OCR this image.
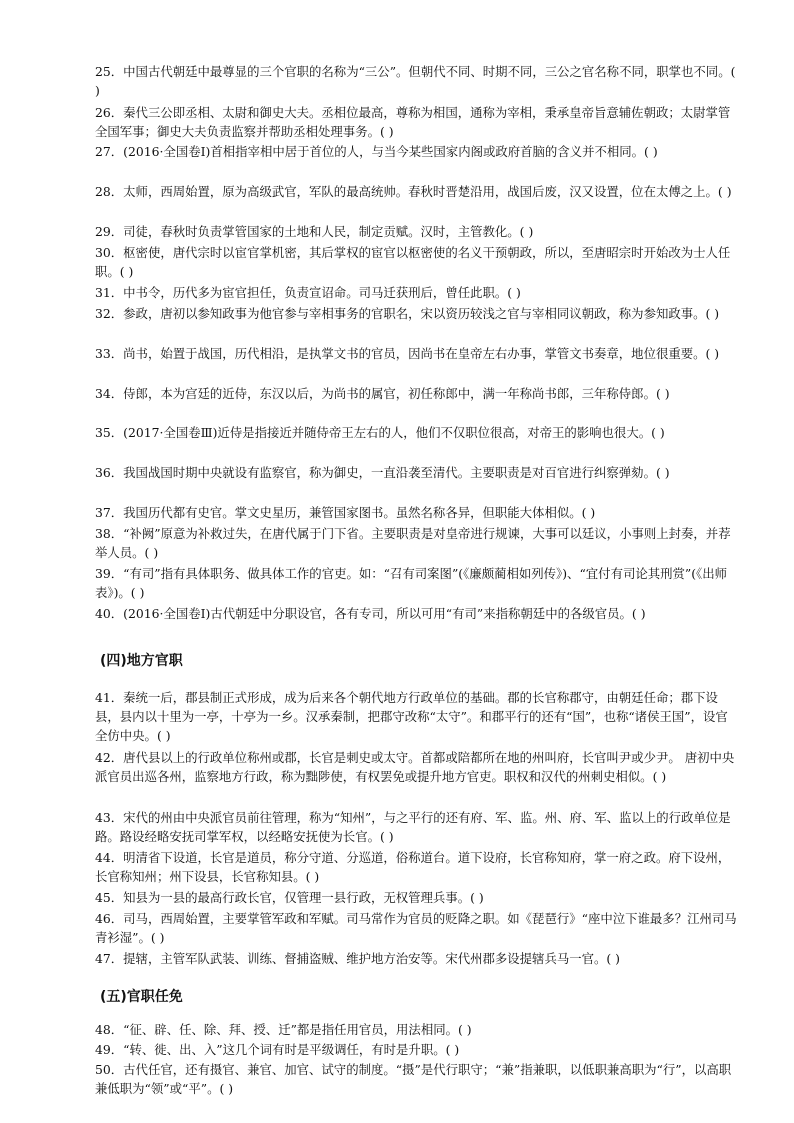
25．中国古代朝廷中最尊显的三个官职的名称为“三公”。但朝代不同、时期不同，三公之官名称不同，职掌也不同。( )
26．秦代三公即丞相、太尉和御史大夫。丞相位最高，尊称为相国，通称为宰相，秉承皇帝旨意辅佐朝政；太尉掌管全国军事；御史大夫负责监察并帮助丞相处理事务。( )
27．(2016·全国卷Ⅰ)首相指宰相中居于首位的人，与当今某些国家内阁或政府首脑的含义并不相同。( )
28．太师，西周始置，原为高级武官，军队的最高统帅。春秋时晋楚沿用，战国后废，汉又设置，位在太傅之上。( )
29．司徒，春秋时负责掌管国家的土地和人民，制定贡赋。汉时，主管教化。( )
30．枢密使，唐代宗时以宦官掌机密，其后掌权的宦官以枢密使的名义干预朝政，所以，至唐昭宗时开始改为士人任职。( )
31．中书令，历代多为宦官担任，负责宣诏命。司马迁获刑后，曾任此职。( )
32．参政，唐初以参知政事为他官参与宰相事务的官职名，宋以资历较浅之官与宰相同议朝政，称为参知政事。( )
33．尚书，始置于战国，历代相沿，是执掌文书的官员，因尚书在皇帝左右办事，掌管文书奏章，地位很重要。( )
34．侍郎，本为宫廷的近侍，东汉以后，为尚书的属官，初任称郎中，满一年称尚书郎，三年称侍郎。( )
35．(2017·全国卷Ⅲ)近侍是指接近并随侍帝王左右的人，他们不仅职位很高，对帝王的影响也很大。( )
36．我国战国时期中央就设有监察官，称为御史，一直沿袭至清代。主要职责是对百官进行纠察弹劾。( )
37．我国历代都有史官。掌文史星历，兼管国家图书。虽然名称各异，但职能大体相似。( )
38．“补阙”原意为补救过失，在唐代属于门下省。主要职责是对皇帝进行规谏，大事可以廷议，小事则上封奏，并荐举人员。( )
39．“有司”指有具体职务、做具体工作的官吏。如：“召有司案图”(《廉颇蔺相如列传》)、“宜付有司论其刑赏”(《出师表》)。( )
40．(2016·全国卷Ⅰ)古代朝廷中分职设官，各有专司，所以可用“有司”来指称朝廷中的各级官员。( )
(四)地方官职
41．秦统一后，郡县制正式形成，成为后来各个朝代地方行政单位的基础。郡的长官称郡守，由朝廷任命；郡下设县，县内以十里为一亭，十亭为一乡。汉承秦制，把郡守改称“太守”。和郡平行的还有“国”，也称“诸侯王国”，设官全仿中央。( )
42．唐代县以上的行政单位称州或郡，长官是刺史或太守。首都或陪都所在地的州叫府，长官叫尹或少尹。 唐初中央派官员出巡各州，监察地方行政，称为黜陟使，有权罢免或提升地方官吏。职权和汉代的州刺史相似。( )
43．宋代的州由中央派官员前往管理，称为“知州”，与之平行的还有府、军、监。州、府、军、监以上的行政单位是路。路设经略安抚司掌军权，以经略安抚使为长官。( )
44．明清省下设道，长官是道员，称分守道、分巡道，俗称道台。道下设府，长官称知府，掌一府之政。府下设州，长官称知州；州下设县，长官称知县。( )
45．知县为一县的最高行政长官，仅管理一县行政，无权管理兵事。( )
46．司马，西周始置，主要掌管军政和军赋。司马常作为官员的贬降之职。如《琵琶行》“座中泣下谁最多？江州司马青衫湿”。( )
47．提辖，主管军队武装、训练、督捕盗贼、维护地方治安等。宋代州郡多设提辖兵马一官。( )
(五)官职任免
48．“征、辟、任、除、拜、授、迁”都是指任用官员，用法相同。( )
49．“转、徙、出、入”这几个词有时是平级调任，有时是升职。( )
50．古代任官，还有摄官、兼官、加官、试守的制度。“摄”是代行职守；“兼”指兼职，以低职兼高职为“行”，以高职兼低职为“领”或“平”。( )
